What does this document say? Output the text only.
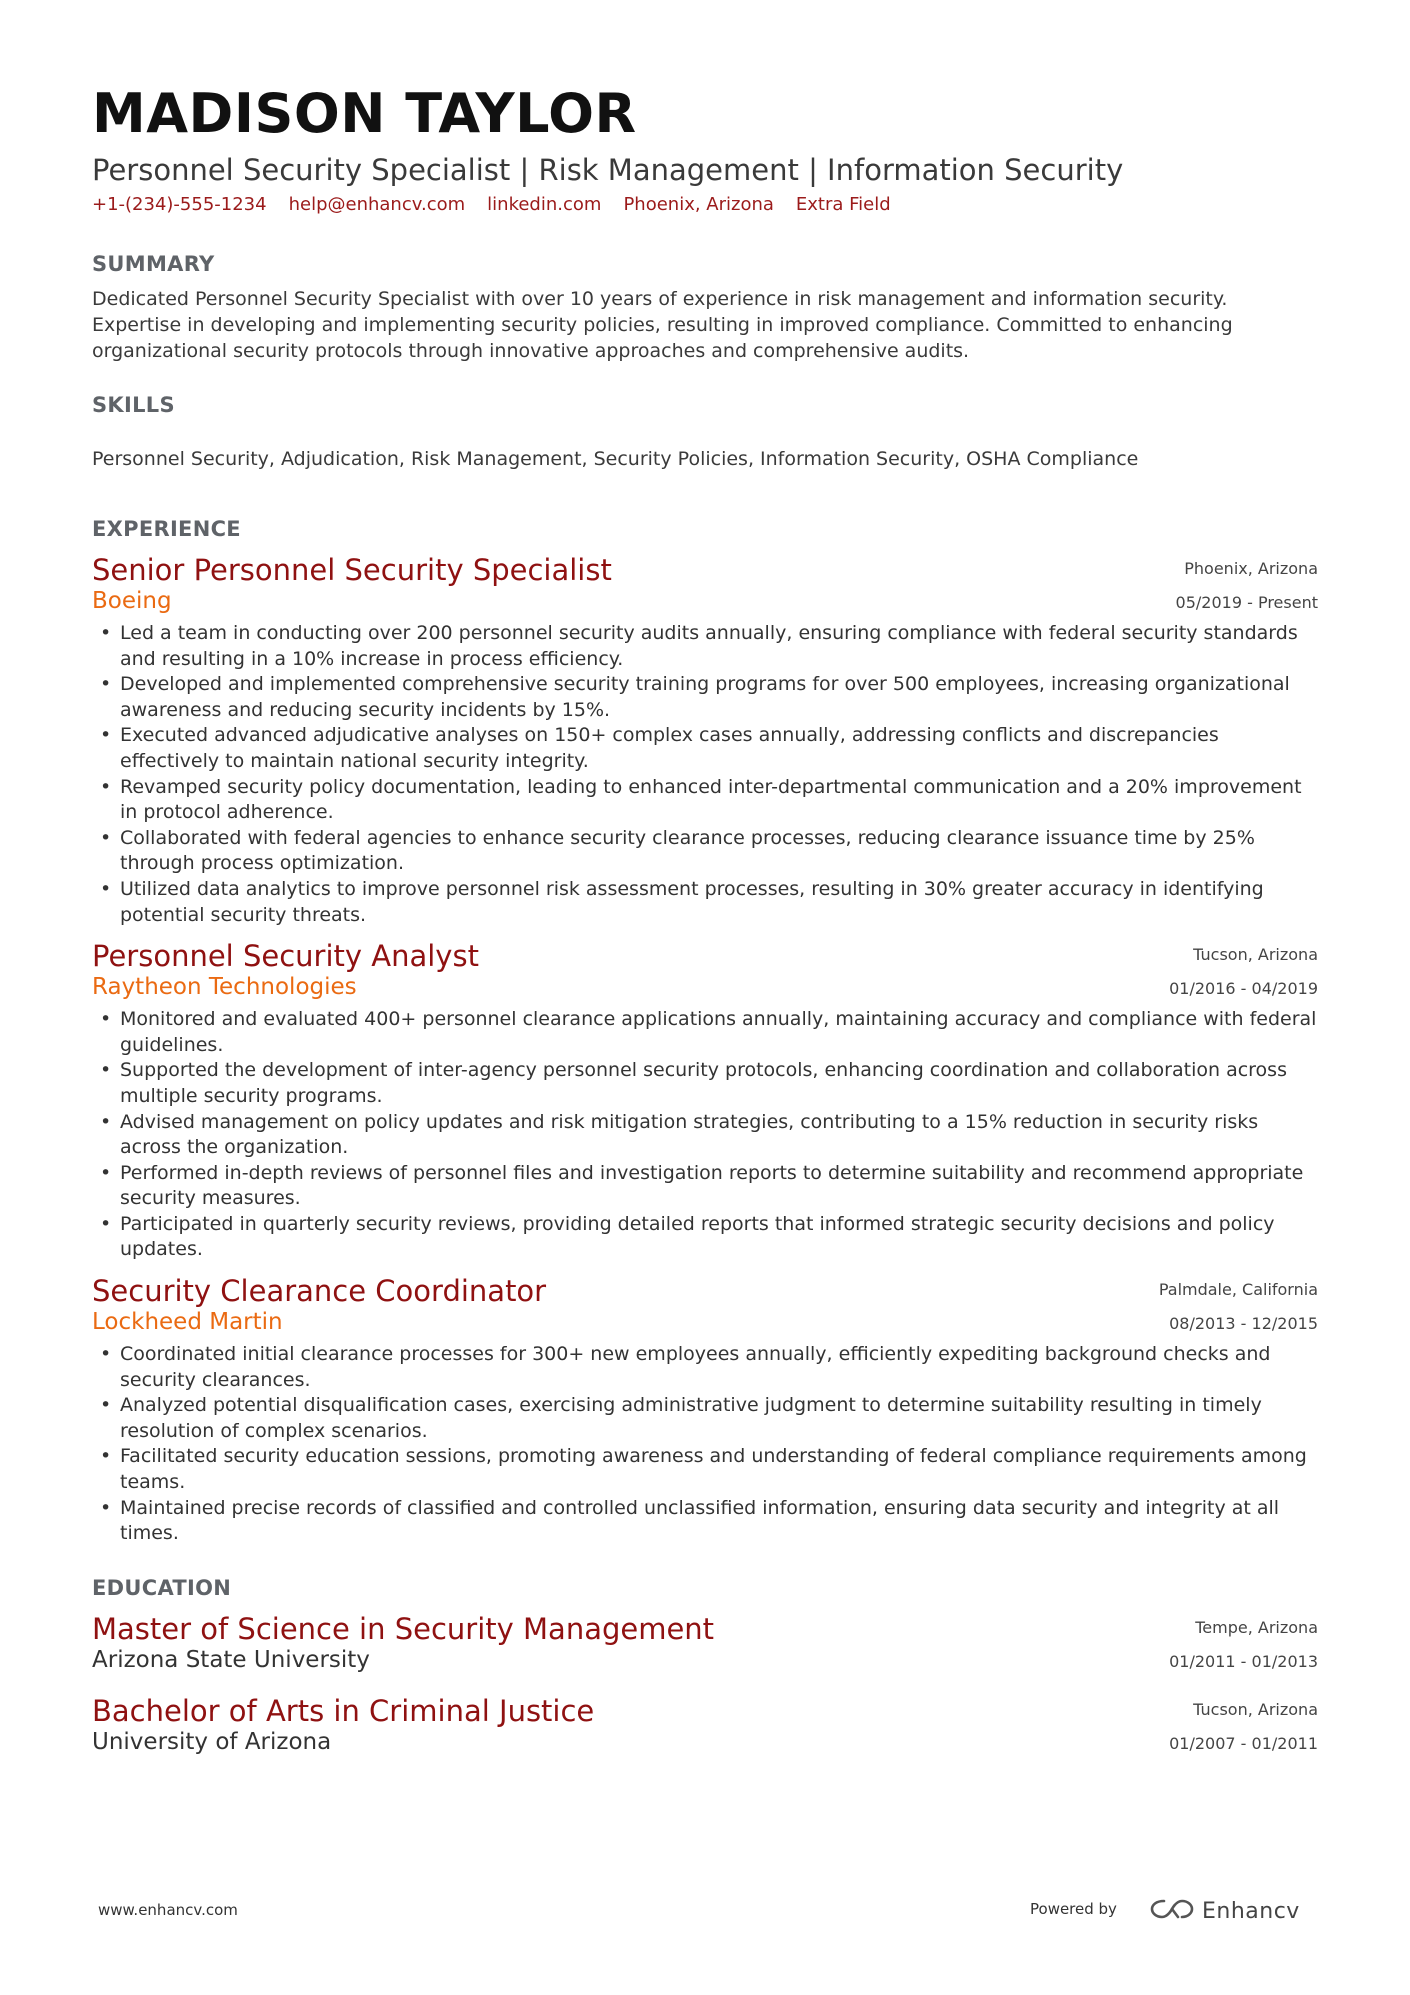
MADISON TAYLOR
Personnel Security Specialist | Risk Management | Information Security
+1-(234)-555-1234 help@enhancv.com linkedin.com Phoenix, Arizona Extra Field
SUMMARY
Dedicated Personnel Security Specialist with over 10 years of experience in risk management and information security. Expertise in developing and implementing security policies, resulting in improved compliance. Committed to enhancing organizational security protocols through innovative approaches and comprehensive audits.
SKILLS
Personnel Security, Adjudication, Risk Management, Security Policies, Information Security, OSHA Compliance
EXPERIENCE
Senior Personnel Security Specialist
Boeing
Phoenix, Arizona
05/2019 - Present
• Led a team in conducting over 200 personnel security audits annually, ensuring compliance with federal security standards and resulting in a 10% increase in process efficiency.
• Developed and implemented comprehensive security training programs for over 500 employees, increasing organizational awareness and reducing security incidents by 15%.
• Executed advanced adjudicative analyses on 150+ complex cases annually, addressing conflicts and discrepancies effectively to maintain national security integrity.
• Revamped security policy documentation, leading to enhanced inter-departmental communication and a 20% improvement in protocol adherence.
• Collaborated with federal agencies to enhance security clearance processes, reducing clearance issuance time by 25% through process optimization.
• Utilized data analytics to improve personnel risk assessment processes, resulting in 30% greater accuracy in identifying potential security threats.
Personnel Security Analyst
Raytheon Technologies
Tucson, Arizona
01/2016 - 04/2019
• Monitored and evaluated 400+ personnel clearance applications annually, maintaining accuracy and compliance with federal guidelines.
• Supported the development of inter-agency personnel security protocols, enhancing coordination and collaboration across multiple security programs.
• Advised management on policy updates and risk mitigation strategies, contributing to a 15% reduction in security risks across the organization.
• Performed in-depth reviews of personnel files and investigation reports to determine suitability and recommend appropriate security measures.
• Participated in quarterly security reviews, providing detailed reports that informed strategic security decisions and policy updates.
Security Clearance Coordinator
Lockheed Martin
Palmdale, California
08/2013 - 12/2015
• Coordinated initial clearance processes for 300+ new employees annually, efficiently expediting background checks and security clearances.
• Analyzed potential disqualification cases, exercising administrative judgment to determine suitability resulting in timely resolution of complex scenarios.
• Facilitated security education sessions, promoting awareness and understanding of federal compliance requirements among teams.
• Maintained precise records of classified and controlled unclassified information, ensuring data security and integrity at all times.
EDUCATION
Master of Science in Security Management
Arizona State University
Tempe, Arizona
01/2011 - 01/2013
Bachelor of Arts in Criminal Justice
University of Arizona
Tucson, Arizona
01/2007 - 01/2011
www.enhancv.com	Powered by	Enhancv
